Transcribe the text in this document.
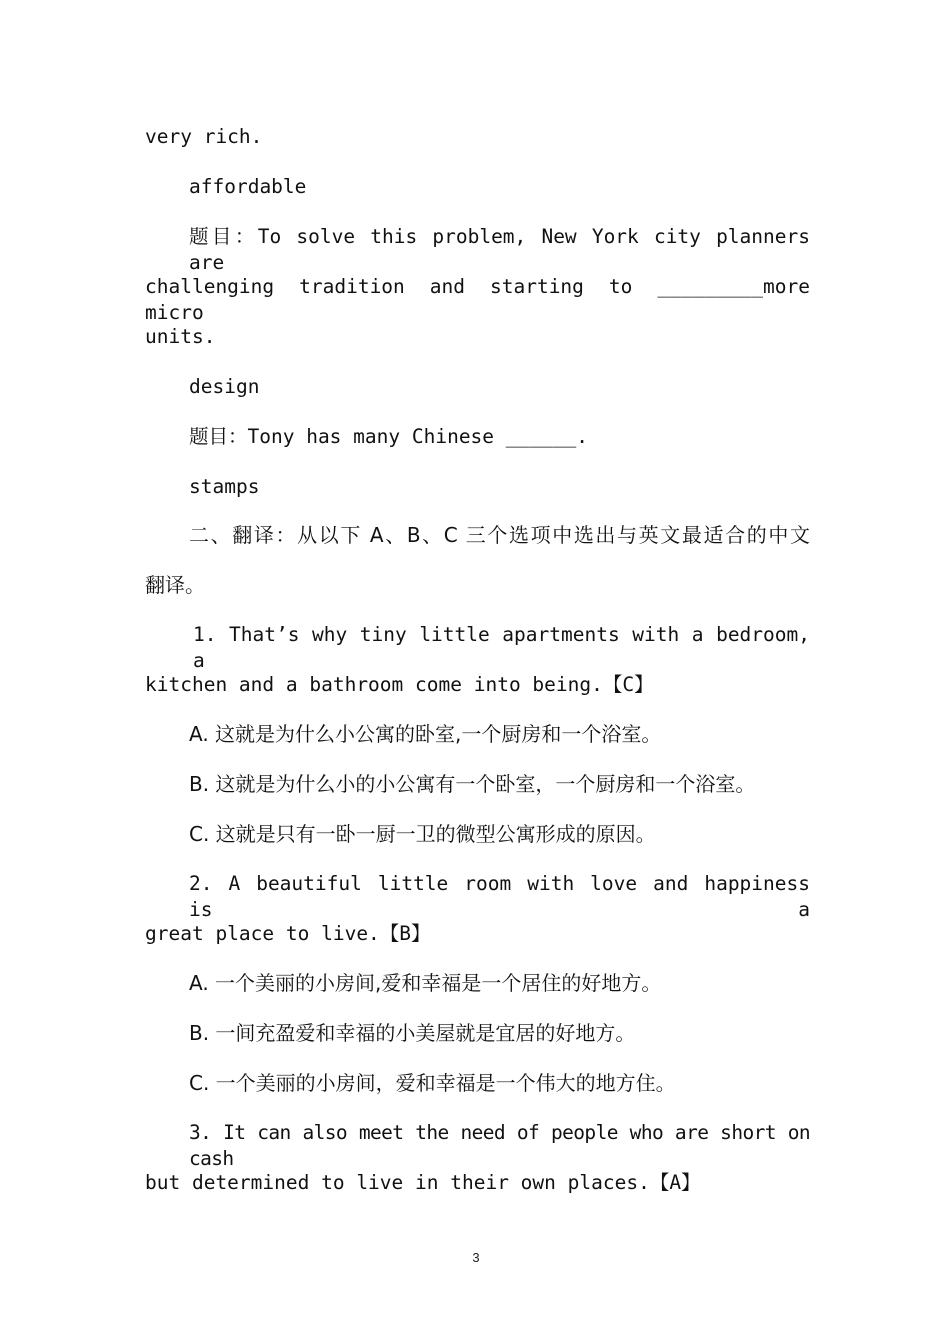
very rich.
affordable
题目：To solve this problem, New York city planners are
challenging tradition and starting to _________more micro
units.
design
题目：Tony has many Chinese ______.
stamps
二、翻译：从以下 A、B、C 三个选项中选出与英文最适合的中文
翻译。
1. That’s why tiny little apartments with a bedroom, a
kitchen and a bathroom come into being.【C】
A. 这就是为什么小公寓的卧室,一个厨房和一个浴室。
B. 这就是为什么小的小公寓有一个卧室，一个厨房和一个浴室。
C. 这就是只有一卧一厨一卫的微型公寓形成的原因。
2. A beautiful little room with love and happiness is a
great place to live.【B】
A. 一个美丽的小房间,爱和幸福是一个居住的好地方。
B. 一间充盈爱和幸福的小美屋就是宜居的好地方。
C. 一个美丽的小房间，爱和幸福是一个伟大的地方住。
3. It can also meet the need of people who are short on cash
but determined to live in their own places.【A】
3
